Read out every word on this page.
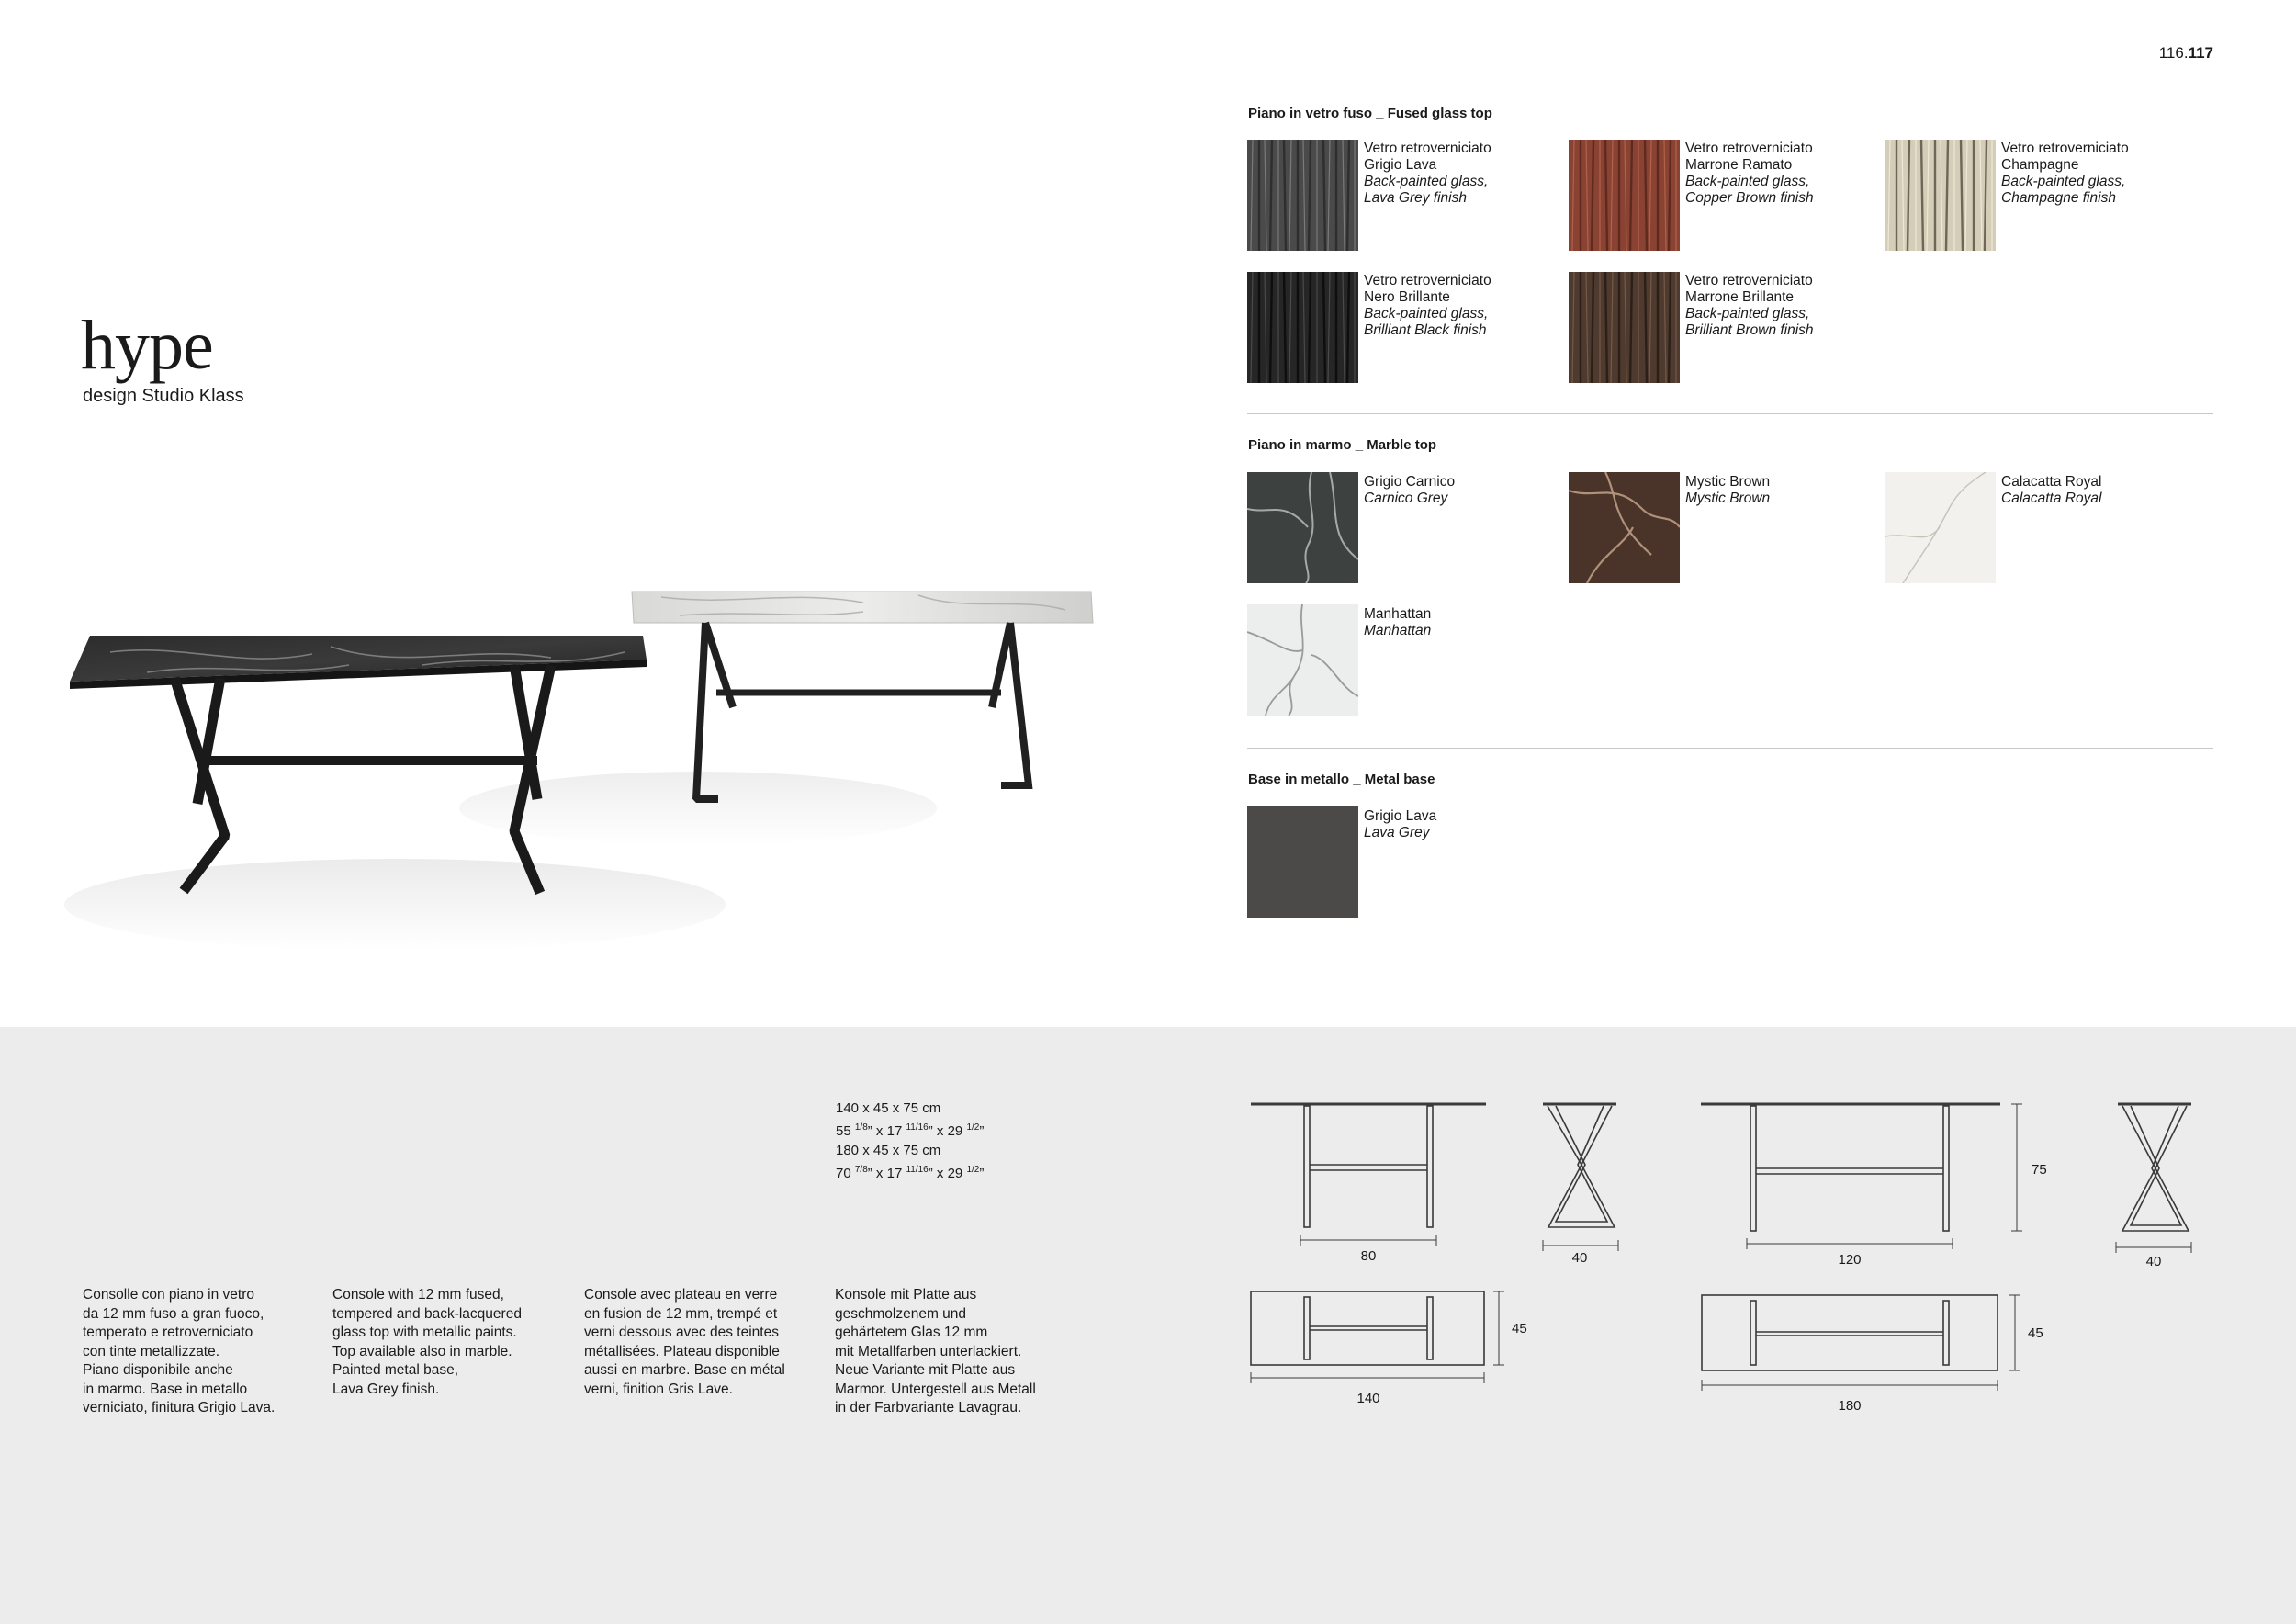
116.117
hype
design Studio Klass
Piano in vetro fuso _ Fused glass top
Vetro retroverniciato
Grigio Lava
Back-painted glass,
Lava Grey finish
Vetro retroverniciato
Marrone Ramato
Back-painted glass,
Copper Brown finish
Vetro retroverniciato
Champagne
Back-painted glass,
Champagne finish
Vetro retroverniciato
Nero Brillante
Back-painted glass,
Brilliant Black finish
Vetro retroverniciato
Marrone Brillante
Back-painted glass,
Brilliant Brown finish
Piano in marmo _ Marble top
Grigio Carnico
Carnico Grey
Mystic Brown
Mystic Brown
Calacatta Royal
Calacatta Royal
Manhattan
Manhattan
Base in metallo _ Metal base
Grigio Lava
Lava Grey
140 x 45 x 75 cm
55 $^{1/8}$” x 17 $^{11/16}$” x 29 $^{1/2}$”
180 x 45 x 75 cm
70 $^{7/8}$” x 17 $^{11/16}$” x 29 $^{1/2}$”
Consolle con piano in vetro
da 12 mm fuso a gran fuoco,
temperato e retroverniciato
con tinte metallizzate.
Piano disponibile anche
in marmo. Base in metallo
verniciato, finitura Grigio Lava.
Console with 12 mm fused,
tempered and back-lacquered
glass top with metallic paints.
Top available also in marble.
Painted metal base,
Lava Grey finish.
Console avec plateau en verre
en fusion de 12 mm, trempé et
verni dessous avec des teintes
métallisées. Plateau disponible
aussi en marbre. Base en métal
verni, finition Gris Lave.
Konsole mit Platte aus
geschmolzenem und
gehärtetem Glas 12 mm
mit Metallfarben unterlackiert.
Neue Variante mit Platte aus
Marmor. Untergestell aus Metall
in der Farbvariante Lavagrau.
80	40	120
75
40
140
45
180
45
